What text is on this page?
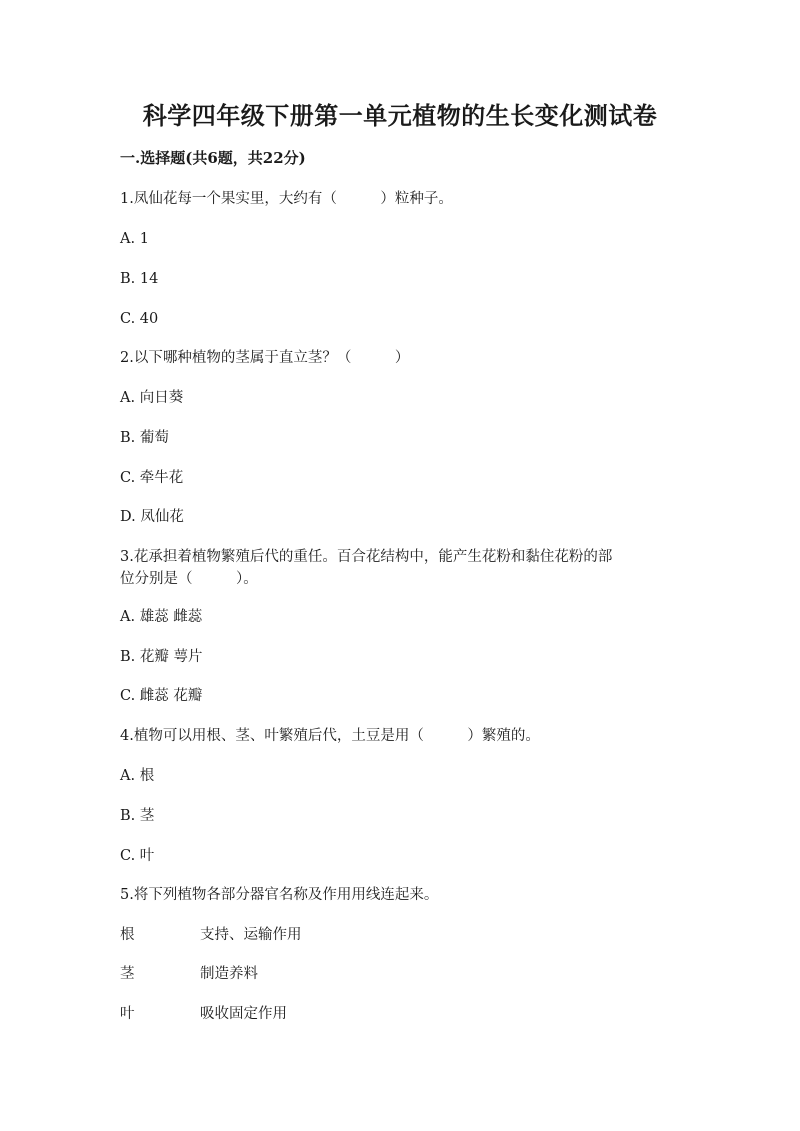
科学四年级下册第一单元植物的生长变化测试卷
一.选择题(共6题，共22分)
1.凤仙花每一个果实里，大约有（　　　）粒种子。
A. 1
B. 14
C. 40
2.以下哪种植物的茎属于直立茎？（　　　）
A. 向日葵
B. 葡萄
C. 牵牛花
D. 凤仙花
3.花承担着植物繁殖后代的重任。百合花结构中，能产生花粉和黏住花粉的部
位分别是（　　　）。
A. 雄蕊 雌蕊
B. 花瓣 萼片
C. 雌蕊 花瓣
4.植物可以用根、茎、叶繁殖后代，土豆是用（　　　）繁殖的。
A. 根
B. 茎
C. 叶
5.将下列植物各部分器官名称及作用用线连起来。
根	支持、运输作用
茎	制造养料
叶	吸收固定作用
